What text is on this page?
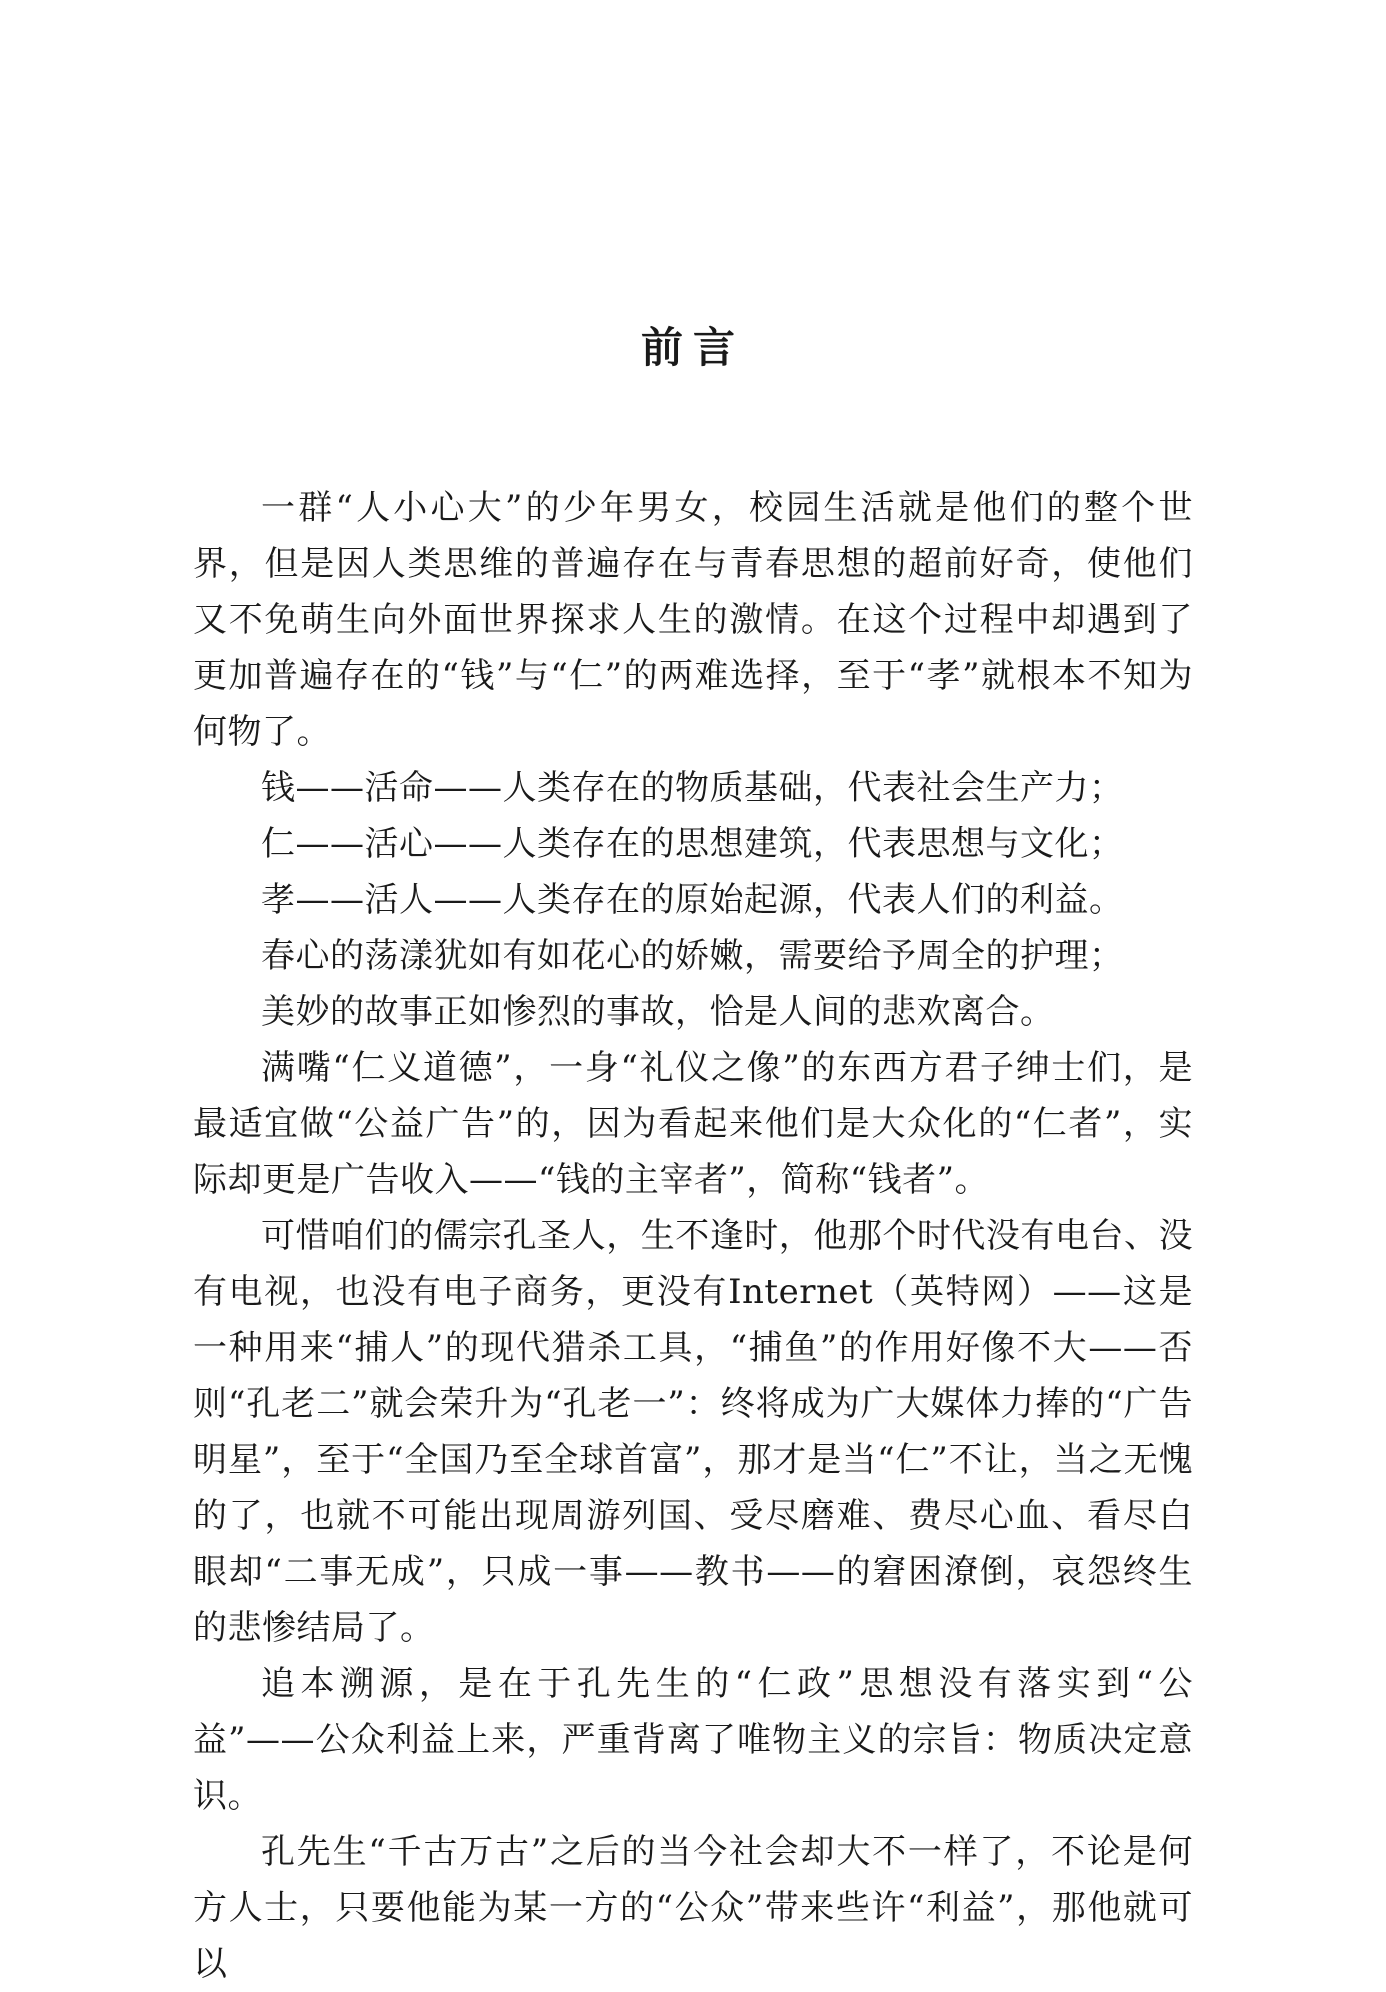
前言

一群“人小心大”的少年男女，校园生活就是他们的整个世界，但是因人类思维的普遍存在与青春思想的超前好奇，使他们又不免萌生向外面世界探求人生的激情。在这个过程中却遇到了更加普遍存在的“钱”与“仁”的两难选择，至于“孝”就根本不知为何物了。

钱——活命——人类存在的物质基础，代表社会生产力；

仁——活心——人类存在的思想建筑，代表思想与文化；

孝——活人——人类存在的原始起源，代表人们的利益。

春心的荡漾犹如有如花心的娇嫩，需要给予周全的护理；

美妙的故事正如惨烈的事故，恰是人间的悲欢离合。

满嘴“仁义道德”，一身“礼仪之像”的东西方君子绅士们，是最适宜做“公益广告”的，因为看起来他们是大众化的“仁者”，实际却更是广告收入——“钱的主宰者”，简称“钱者”。

可惜咱们的儒宗孔圣人，生不逢时，他那个时代没有电台、没有电视，也没有电子商务，更没有Internet（英特网）——这是一种用来“捕人”的现代猎杀工具，“捕鱼”的作用好像不大——否则“孔老二”就会荣升为“孔老一”：终将成为广大媒体力捧的“广告明星”，至于“全国乃至全球首富”，那才是当“仁”不让，当之无愧的了，也就不可能出现周游列国、受尽磨难、费尽心血、看尽白眼却“二事无成”，只成一事——教书——的窘困潦倒，哀怨终生的悲惨结局了。

追本溯源，是在于孔先生的“仁政”思想没有落实到“公益”——公众利益上来，严重背离了唯物主义的宗旨：物质决定意识。

孔先生“千古万古”之后的当今社会却大不一样了，不论是何方人士，只要他能为某一方的“公众”带来些许“利益”，那他就可以
